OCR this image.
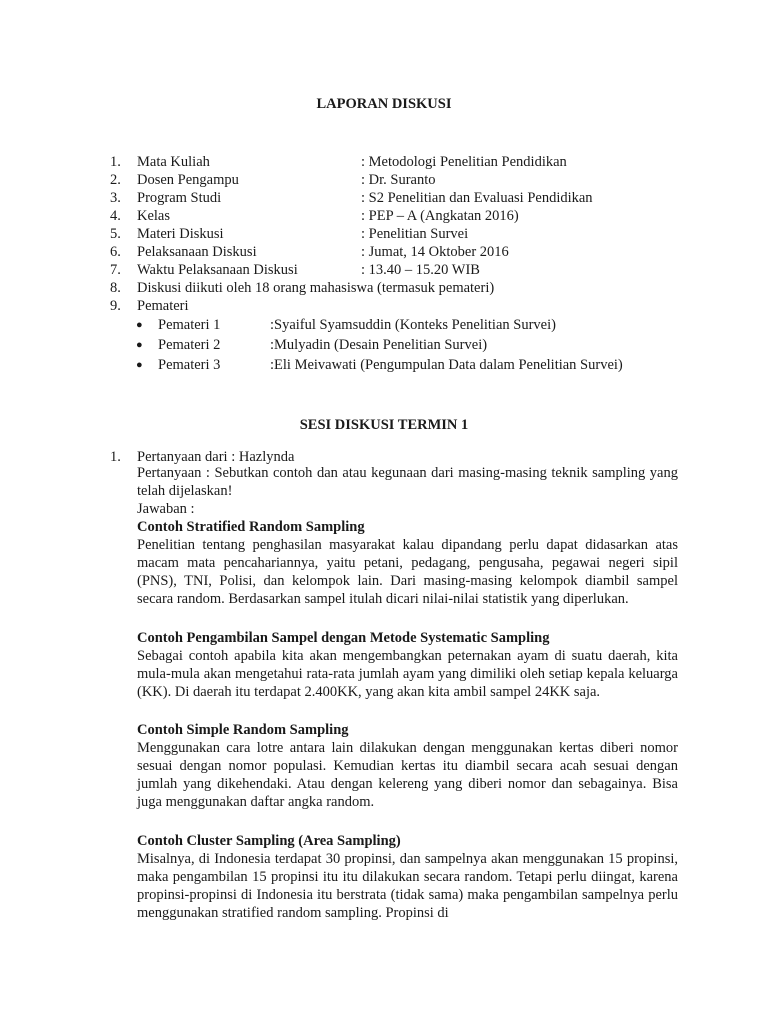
LAPORAN DISKUSI
1. Mata Kuliah	: Metodologi Penelitian Pendidikan
2. Dosen Pengampu	: Dr. Suranto
3. Program Studi	: S2 Penelitian dan Evaluasi Pendidikan
4. Kelas	: PEP – A (Angkatan 2016)
5. Materi Diskusi	: Penelitian Survei
6. Pelaksanaan Diskusi	: Jumat, 14 Oktober 2016
7. Waktu Pelaksanaan Diskusi	: 13.40 – 15.20 WIB
8. Diskusi diikuti oleh 18 orang mahasiswa (termasuk pemateri)
9. Pemateri
● Pemateri 1	:Syaiful Syamsuddin (Konteks Penelitian Survei)
● Pemateri 2	:Mulyadin (Desain Penelitian Survei)
● Pemateri 3	:Eli Meivawati (Pengumpulan Data dalam Penelitian Survei)
SESI DISKUSI TERMIN 1
1. Pertanyaan dari : Hazlynda
Pertanyaan : Sebutkan contoh dan atau kegunaan dari masing-masing teknik sampling yang telah dijelaskan!
Jawaban :
Contoh Stratified Random Sampling
Penelitian tentang penghasilan masyarakat kalau dipandang perlu dapat didasarkan atas macam mata pencahariannya, yaitu petani, pedagang, pengusaha, pegawai negeri sipil (PNS), TNI, Polisi, dan kelompok lain. Dari masing-masing kelompok diambil sampel secara random. Berdasarkan sampel itulah dicari nilai-nilai statistik yang diperlukan.
Contoh Pengambilan Sampel dengan Metode Systematic Sampling
Sebagai contoh apabila kita akan mengembangkan peternakan ayam di suatu daerah, kita mula-mula akan mengetahui rata-rata jumlah ayam yang dimiliki oleh setiap kepala keluarga (KK). Di daerah itu terdapat 2.400KK, yang akan kita ambil sampel 24KK saja.
Contoh Simple Random Sampling
Menggunakan cara lotre antara lain dilakukan dengan menggunakan kertas diberi nomor sesuai dengan nomor populasi. Kemudian kertas itu diambil secara acah sesuai dengan jumlah yang dikehendaki. Atau dengan kelereng yang diberi nomor dan sebagainya. Bisa juga menggunakan daftar angka random.
Contoh Cluster Sampling (Area Sampling)
Misalnya, di Indonesia terdapat 30 propinsi, dan sampelnya akan menggunakan 15 propinsi, maka pengambilan 15 propinsi itu itu dilakukan secara random. Tetapi perlu diingat, karena propinsi-propinsi di Indonesia itu berstrata (tidak sama) maka pengambilan sampelnya perlu menggunakan stratified random sampling. Propinsi di
